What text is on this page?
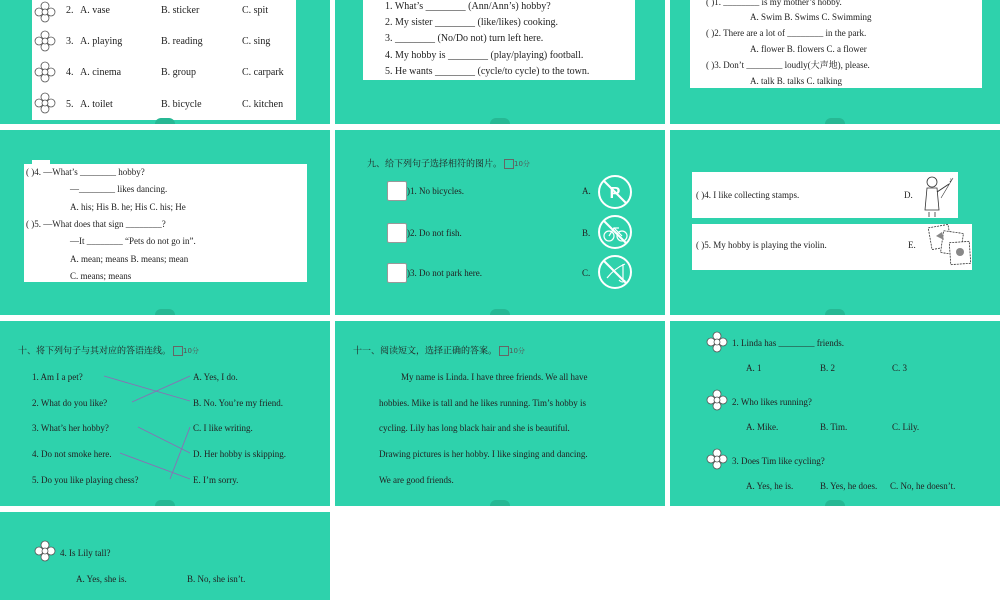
2. A. vase	B. sticker	C. spit
3. A. playing	B. reading	C. sing
4. A. cinema	B. group	C. carpark
5. A. toilet	B. bicycle	C. kitchen
1. What’s ________ (Ann/Ann’s) hobby?
2. My sister ________ (like/likes) cooking.
3. ________ (No/Do not) turn left here.
4. My hobby is ________ (play/playing) football.
5. He wants ________ (cycle/to cycle) to the town.
( )1. ________ is my mother’s hobby.
A. Swim B. Swims C. Swimming
( )2. There are a lot of ________ in the park.
A. flower B. flowers C. a flower
( )3. Don’t ________ loudly(大声地), please.
A. talk B. talks C. talking
( )4. —What’s ________ hobby?
—________ likes dancing.
A. his; His B. he; His C. his; He
( )5. —What does that sign ________?
—It ________ “Pets do not go in”.
A. mean; means B. means; mean
C. means; means
九、给下列句子选择相符的图片。 10分
)1. No bicycles.	A. P
)2. Do not fish.	B.
)3. Do not park here.	C.
( )4. I like collecting stamps.	D.
♪
( )5. My hobby is playing the violin.	E.
十、将下列句子与其对应的答语连线。 10分
1. Am I a pet?
2. What do you like?
3. What’s her hobby?
4. Do not smoke here.
5. Do you like playing chess?
A. Yes, I do.
B. No. You’re my friend.
C. I like writing.
D. Her hobby is skipping.
E. I’m sorry.
十一、阅读短文，选择正确的答案。 10分
My name is Linda. I have three friends. We all have
hobbies. Mike is tall and he likes running. Tim’s hobby is
cycling. Lily has long black hair and she is beautiful.
Drawing pictures is her hobby. I like singing and dancing.
We are good friends.
1. Linda has ________ friends.
A. 1	B. 2	C. 3
2. Who likes running?
A. Mike.	B. Tim.	C. Lily.
3. Does Tim like cycling?
A. Yes, he is.	B. Yes, he does. C. No, he doesn’t.
4. Is Lily tall?
A. Yes, she is.	B. No, she isn’t.
